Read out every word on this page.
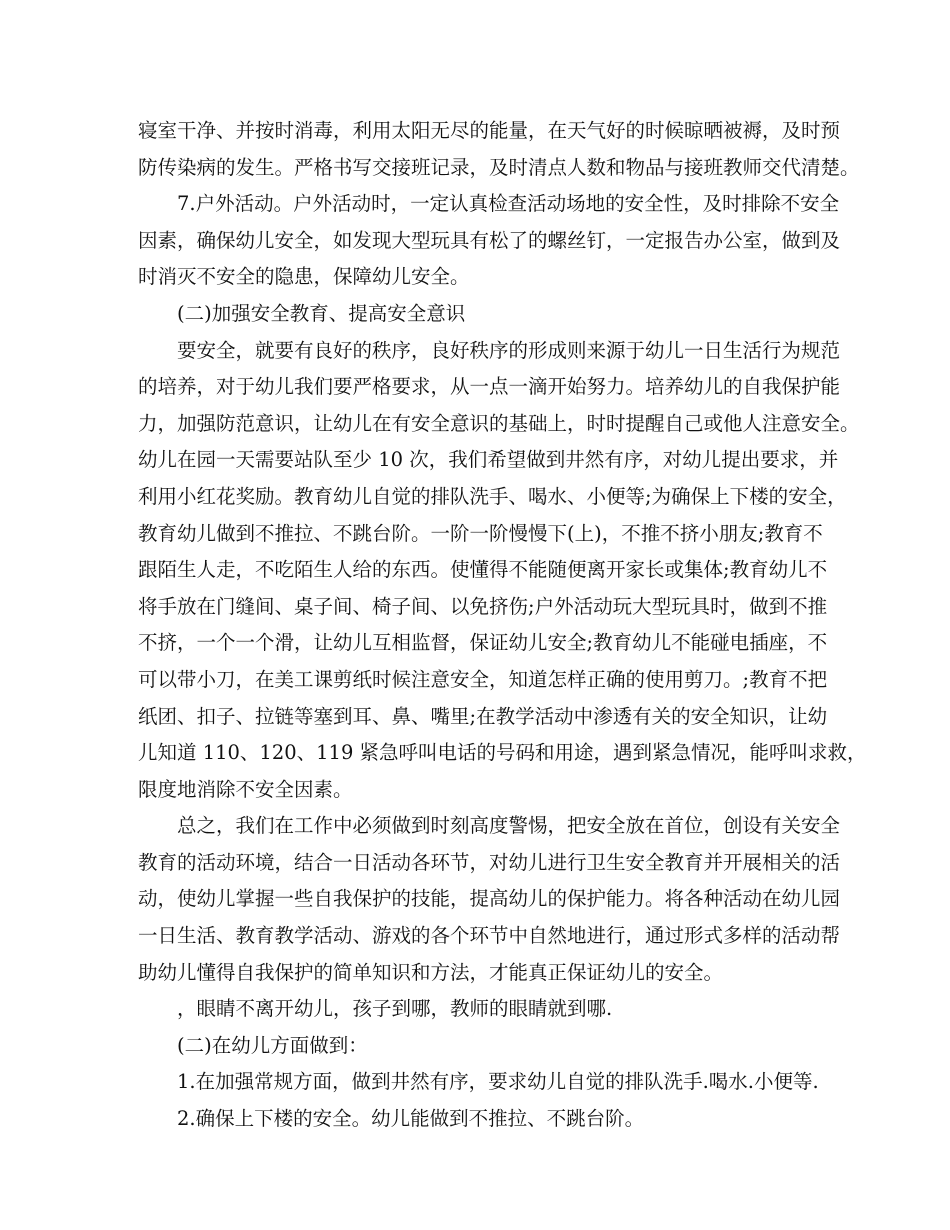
寝室干净、并按时消毒，利用太阳无尽的能量，在天气好的时候晾晒被褥，及时预
防传染病的发生。严格书写交接班记录，及时清点人数和物品与接班教师交代清楚。
7.户外活动。户外活动时，一定认真检查活动场地的安全性，及时排除不安全
因素，确保幼儿安全，如发现大型玩具有松了的螺丝钉，一定报告办公室，做到及
时消灭不安全的隐患，保障幼儿安全。
(二)加强安全教育、提高安全意识
要安全，就要有良好的秩序，良好秩序的形成则来源于幼儿一日生活行为规范
的培养，对于幼儿我们要严格要求，从一点一滴开始努力。培养幼儿的自我保护能
力，加强防范意识，让幼儿在有安全意识的基础上，时时提醒自己或他人注意安全。
幼儿在园一天需要站队至少 10 次，我们希望做到井然有序，对幼儿提出要求，并
利用小红花奖励。教育幼儿自觉的排队洗手、喝水、小便等;为确保上下楼的安全，
教育幼儿做到不推拉、不跳台阶。一阶一阶慢慢下(上)，不推不挤小朋友;教育不
跟陌生人走，不吃陌生人给的东西。使懂得不能随便离开家长或集体;教育幼儿不
将手放在门缝间、桌子间、椅子间、以免挤伤;户外活动玩大型玩具时，做到不推
不挤，一个一个滑，让幼儿互相监督，保证幼儿安全;教育幼儿不能碰电插座，不
可以带小刀，在美工课剪纸时候注意安全，知道怎样正确的使用剪刀。;教育不把
纸团、扣子、拉链等塞到耳、鼻、嘴里;在教学活动中渗透有关的安全知识，让幼
儿知道 110、120、119 紧急呼叫电话的号码和用途，遇到紧急情况，能呼叫求救，
限度地消除不安全因素。
总之，我们在工作中必须做到时刻高度警惕，把安全放在首位，创设有关安全
教育的活动环境，结合一日活动各环节，对幼儿进行卫生安全教育并开展相关的活
动，使幼儿掌握一些自我保护的技能，提高幼儿的保护能力。将各种活动在幼儿园
一日生活、教育教学活动、游戏的各个环节中自然地进行，通过形式多样的活动帮
助幼儿懂得自我保护的简单知识和方法，才能真正保证幼儿的安全。
，眼睛不离开幼儿，孩子到哪，教师的眼睛就到哪.
(二)在幼儿方面做到：
1.在加强常规方面，做到井然有序，要求幼儿自觉的排队洗手.喝水.小便等.
2.确保上下楼的安全。幼儿能做到不推拉、不跳台阶。
